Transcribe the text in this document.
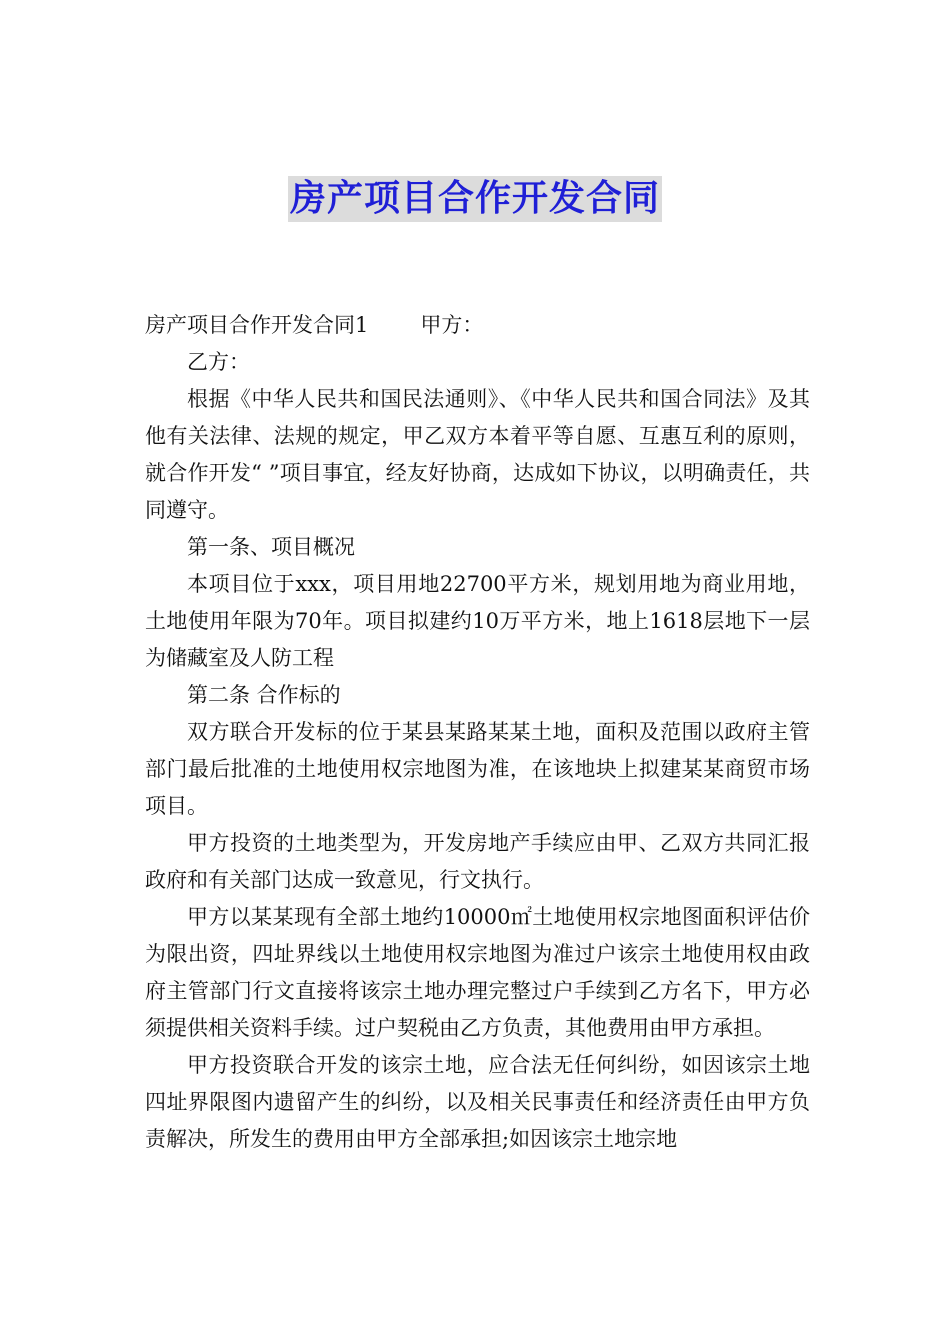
房产项目合作开发合同

房产项目合作开发合同1 甲方：

乙方：

根据《中华人民共和国民法通则》、《中华人民共和国合同法》及其他有关法律、法规的规定，甲乙双方本着平等自愿、互惠互利的原则，就合作开发“ ”项目事宜，经友好协商，达成如下协议，以明确责任，共同遵守。

第一条、项目概况

本项目位于xxx，项目用地22700平方米，规划用地为商业用地，土地使用年限为70年。项目拟建约10万平方米，地上1618层地下一层为储藏室及人防工程

第二条 合作标的

双方联合开发标的位于某县某路某某土地，面积及范围以政府主管部门最后批准的土地使用权宗地图为准，在该地块上拟建某某商贸市场项目。

甲方投资的土地类型为，开发房地产手续应由甲、乙双方共同汇报政府和有关部门达成一致意见，行文执行。

甲方以某某现有全部土地约10000㎡土地使用权宗地图面积评估价为限出资，四址界线以土地使用权宗地图为准过户该宗土地使用权由政府主管部门行文直接将该宗土地办理完整过户手续到乙方名下，甲方必须提供相关资料手续。过户契税由乙方负责，其他费用由甲方承担。

甲方投资联合开发的该宗土地，应合法无任何纠纷，如因该宗土地四址界限图内遗留产生的纠纷，以及相关民事责任和经济责任由甲方负责解决，所发生的费用由甲方全部承担;如因该宗土地宗地
